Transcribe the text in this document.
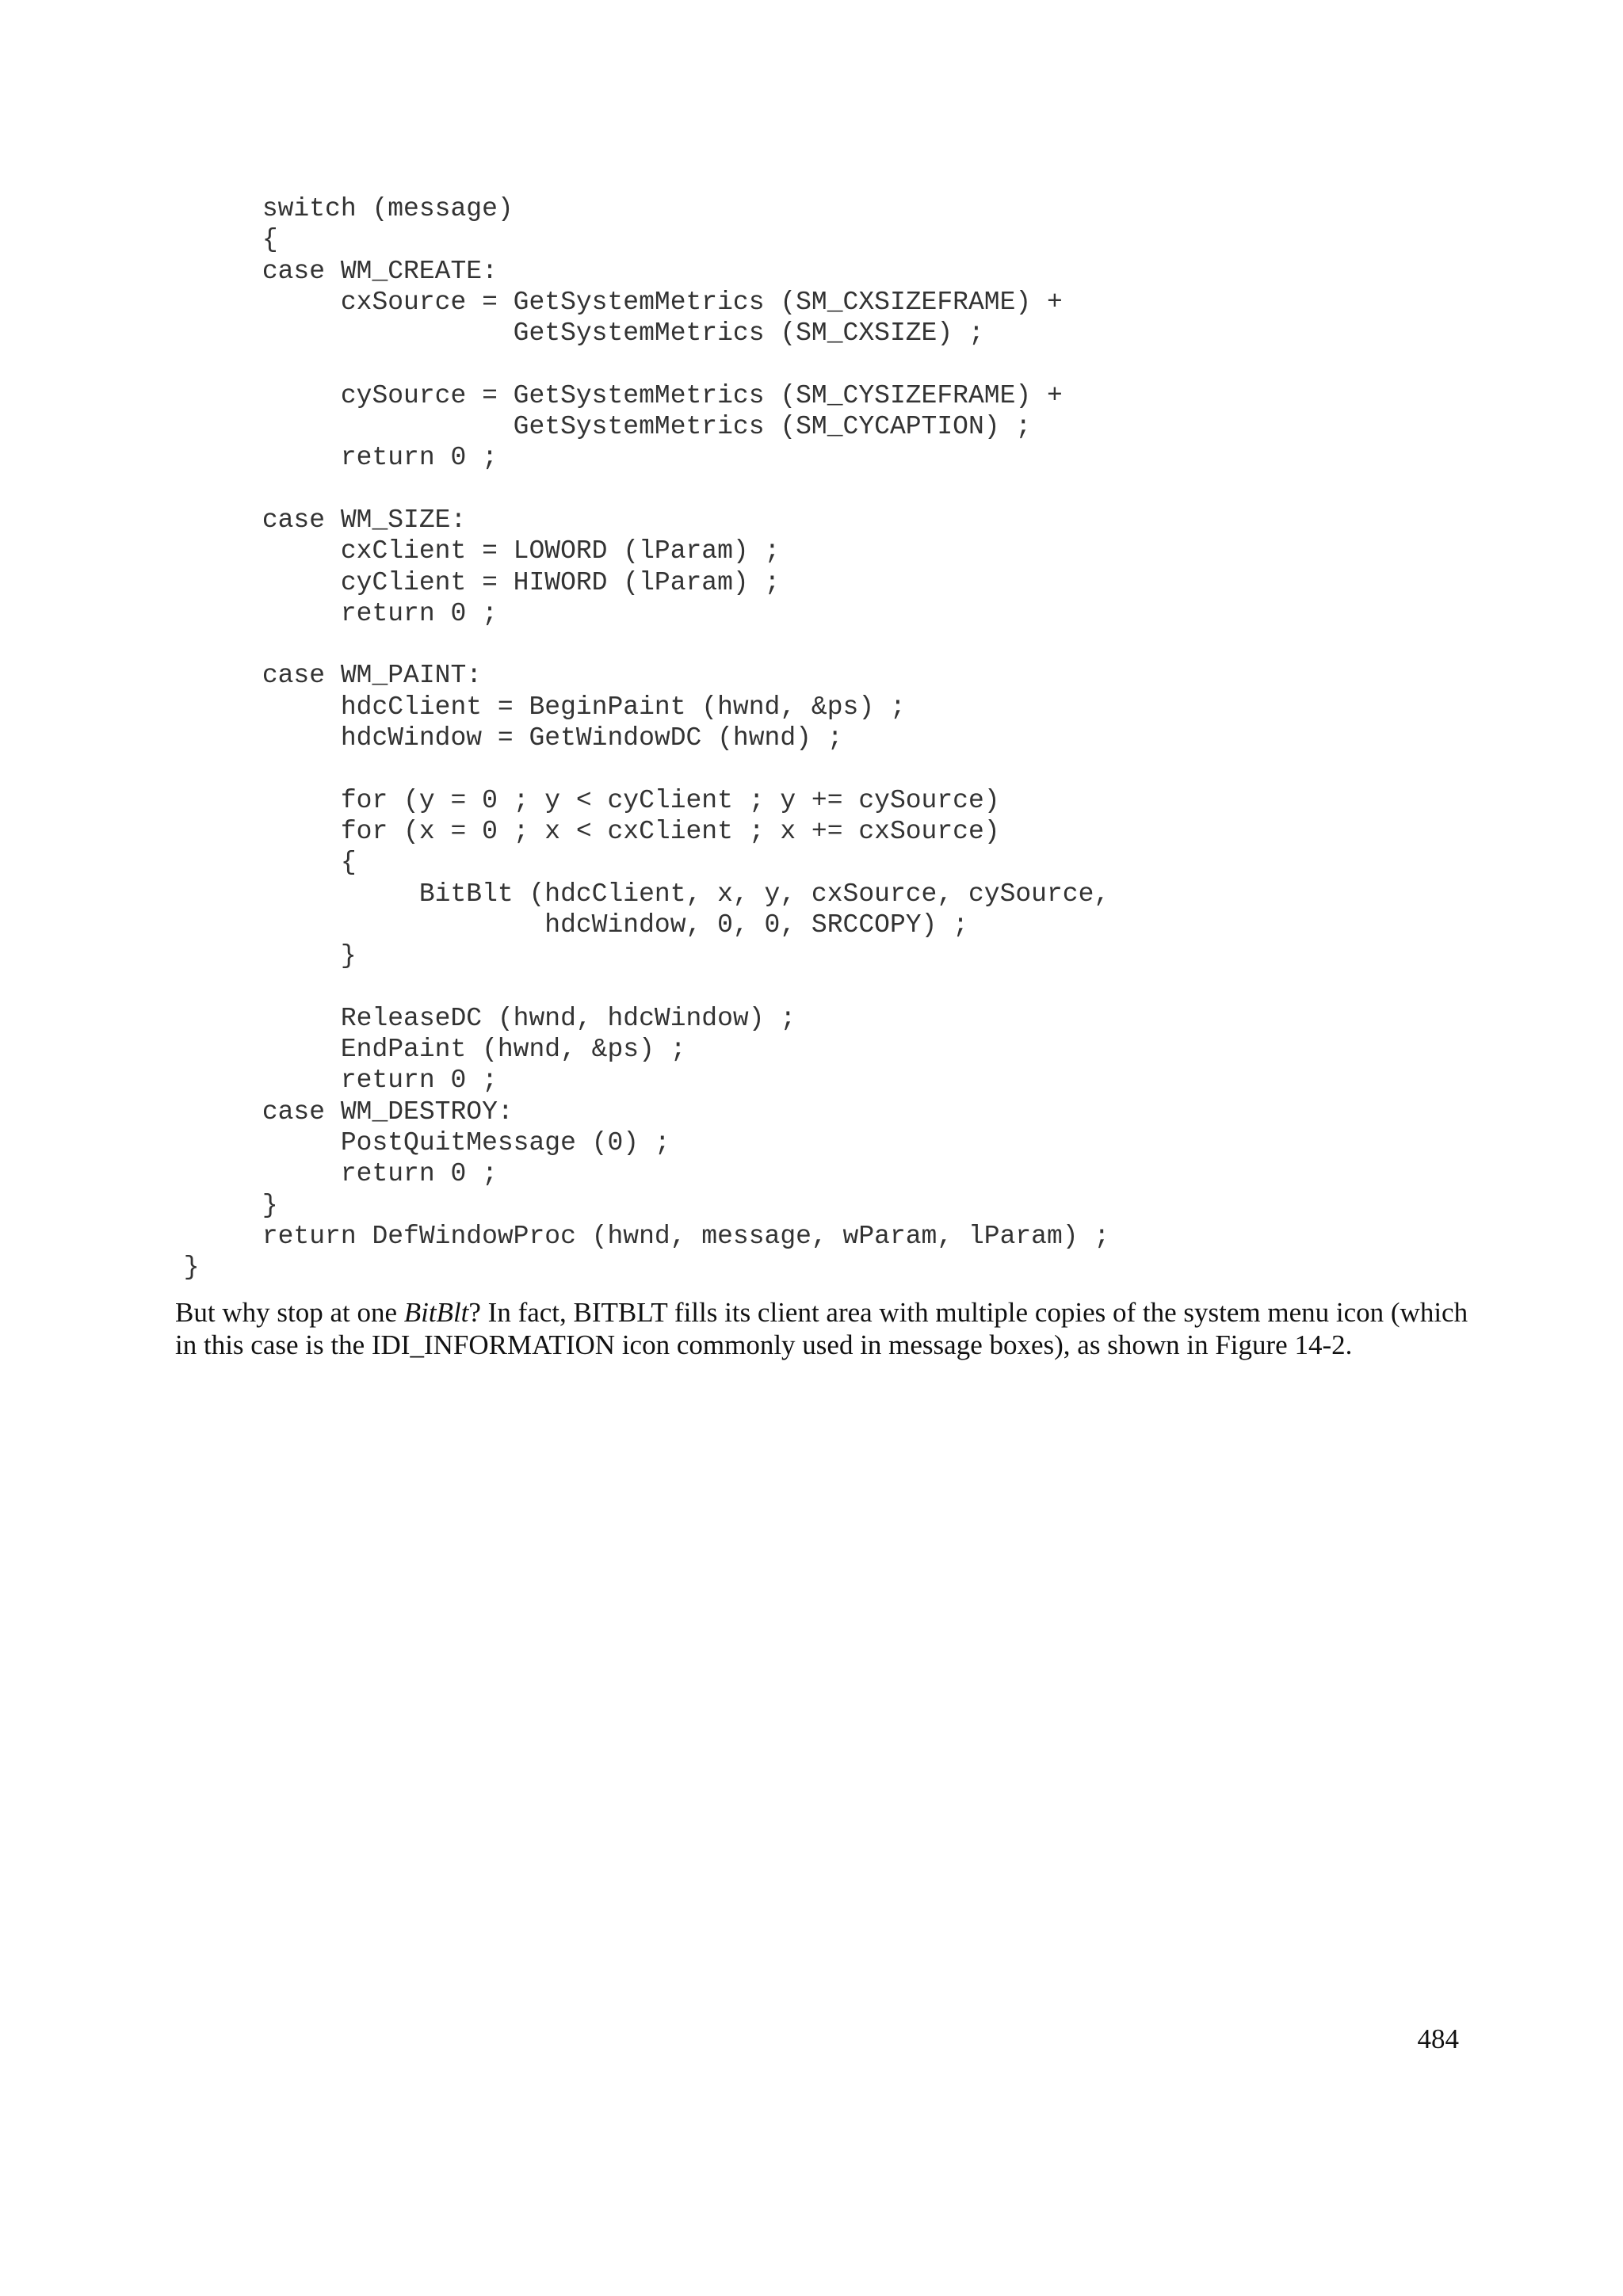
switch (message)
{
case WM_CREATE:
cxSource = GetSystemMetrics (SM_CXSIZEFRAME) +
GetSystemMetrics (SM_CXSIZE) ;
cySource = GetSystemMetrics (SM_CYSIZEFRAME) +
GetSystemMetrics (SM_CYCAPTION) ;
return 0 ;
case WM_SIZE:
cxClient = LOWORD (lParam) ;
cyClient = HIWORD (lParam) ;
return 0 ;
case WM_PAINT:
hdcClient = BeginPaint (hwnd, &ps) ;
hdcWindow = GetWindowDC (hwnd) ;
for (y = 0 ; y < cyClient ; y += cySource)
for (x = 0 ; x < cxClient ; x += cxSource)
{
BitBlt (hdcClient, x, y, cxSource, cySource,
hdcWindow, 0, 0, SRCCOPY) ;
}
ReleaseDC (hwnd, hdcWindow) ;
EndPaint (hwnd, &ps) ;
return 0 ;
case WM_DESTROY:
PostQuitMessage (0) ;
return 0 ;
}
return DefWindowProc (hwnd, message, wParam, lParam) ;
}

But why stop at one BitBlt? In fact, BITBLT fills its client area with multiple copies of the system menu icon (which in this case is the IDI_INFORMATION icon commonly used in message boxes), as shown in Figure 14-2.

484
